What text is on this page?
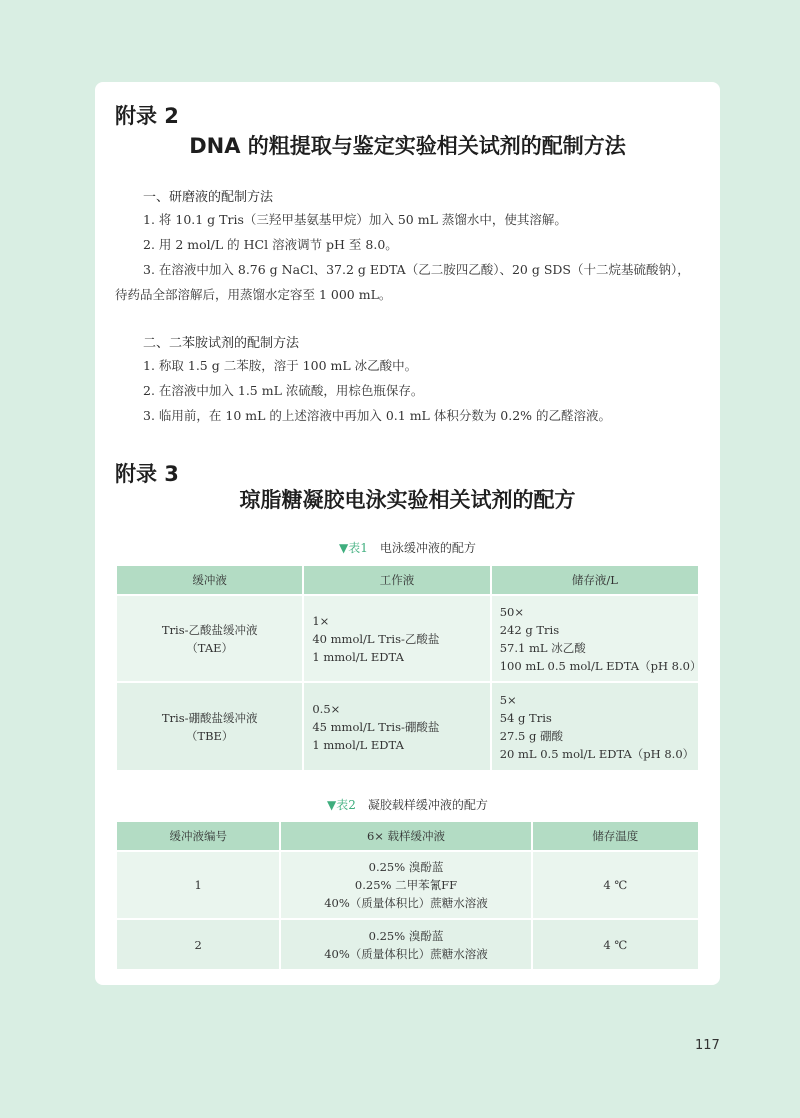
附录 2
DNA 的粗提取与鉴定实验相关试剂的配制方法
一、研磨液的配制方法
1. 将 10.1 g Tris（三羟甲基氨基甲烷）加入 50 mL 蒸馏水中，使其溶解。
2. 用 2 mol/L 的 HCl 溶液调节 pH 至 8.0。
3. 在溶液中加入 8.76 g NaCl、37.2 g EDTA（乙二胺四乙酸）、20 g SDS（十二烷基硫酸钠），
待药品全部溶解后，用蒸馏水定容至 1 000 mL。
二、二苯胺试剂的配制方法
1. 称取 1.5 g 二苯胺，溶于 100 mL 冰乙酸中。
2. 在溶液中加入 1.5 mL 浓硫酸，用棕色瓶保存。
3. 临用前，在 10 mL 的上述溶液中再加入 0.1 mL 体积分数为 0.2% 的乙醛溶液。
附录 3
琼脂糖凝胶电泳实验相关试剂的配方
▼表1 电泳缓冲液的配方
缓冲液	工作液	储存液/L

Tris-乙酸盐缓冲液
（TAE）	1×
40 mmol/L Tris-乙酸盐
1 mmol/L EDTA	50×
242 g Tris
57.1 mL 冰乙酸
100 mL 0.5 mol/L EDTA（pH 8.0）

Tris-硼酸盐缓冲液
（TBE）	0.5×
45 mmol/L Tris-硼酸盐
1 mmol/L EDTA	5×
54 g Tris
27.5 g 硼酸
20 mL 0.5 mol/L EDTA（pH 8.0）
▼表2 凝胶载样缓冲液的配方
缓冲液编号	6× 载样缓冲液	储存温度
1	0.25% 溴酚蓝
0.25% 二甲苯氰FF
40%（质量体积比）蔗糖水溶液	4 ℃
2	0.25% 溴酚蓝
40%（质量体积比）蔗糖水溶液	4 ℃
117
